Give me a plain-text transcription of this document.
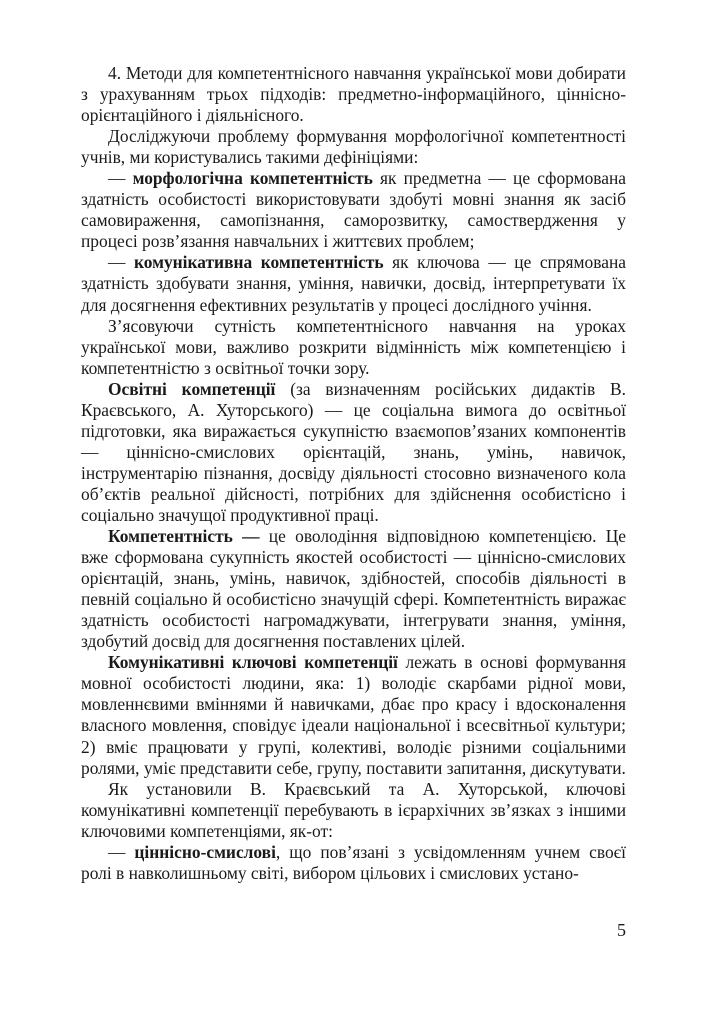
4. Методи для компетентнісного навчання української мови добирати з урахуванням трьох підходів: предметно-інформаційного, ціннісно-орієнтаційного і діяльнісного.

Досліджуючи проблему формування морфологічної компетентності учнів, ми користувались такими дефініціями:

— морфологічна компетентність як предметна — це сформована здатність особистості використовувати здобуті мовні знання як засіб самовираження, самопізнання, саморозвитку, самоствердження у процесі розв’язання навчальних і життєвих проблем;

— комунікативна компетентність як ключова — це спрямована здатність здобувати знання, уміння, навички, досвід, інтерпретувати їх для досягнення ефективних результатів у процесі дослідного учіння.

З’ясовуючи сутність компетентнісного навчання на уроках української мови, важливо розкрити відмінність між компетенцією і компетентністю з освітньої точки зору.

Освітні компетенції (за визначенням російських дидактів В. Краєвського, А. Хуторського) — це соціальна вимога до освітньої підготовки, яка виражається сукупністю взаємопов’язаних компонентів — ціннісно-смислових орієнтацій, знань, умінь, навичок, інструментарію пізнання, досвіду діяльності стосовно визначеного кола об’єктів реальної дійсності, потрібних для здійснення особистісно і соціально значущої продуктивної праці.

Компетентність — це оволодіння відповідною компетенцією. Це вже сформована сукупність якостей особистості — ціннісно-смислових орієнтацій, знань, умінь, навичок, здібностей, способів діяльності в певній соціально й особистісно значущій сфері. Компетентність виражає здатність особистості нагромаджувати, інтегрувати знання, уміння, здобутий досвід для досягнення поставлених цілей.

Комунікативні ключові компетенції лежать в основі формування мовної особистості людини, яка: 1) володіє скарбами рідної мови, мовленнєвими вміннями й навичками, дбає про красу і вдосконалення власного мовлення, сповідує ідеали національної і всесвітньої культури; 2) вміє працювати у групі, колективі, володіє різними соціальними ролями, уміє представити себе, групу, поставити запитання, дискутувати.

Як установили В. Краєвський та А. Хуторськой, ключові комунікативні компетенції перебувають в ієрархічних зв’язках з іншими ключовими компетенціями, як-от:

— ціннісно-смислові, що пов’язані з усвідомленням учнем своєї ролі в навколишньому світі, вибором цільових і смислових устано-

5
